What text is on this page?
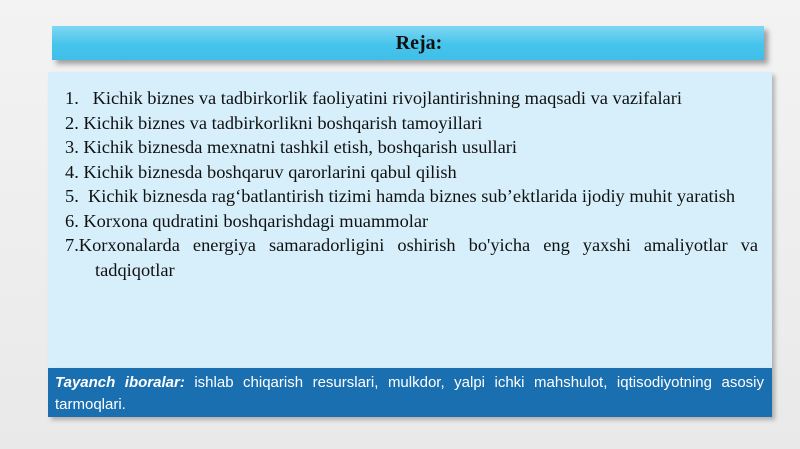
Reja:
1. Kichik biznes va tadbirkorlik faoliyatini rivojlantirishning maqsadi va vazifalari
2. Kichik biznes va tadbirkorlikni boshqarish tamoyillari
3. Kichik biznesda mexnatni tashkil etish, boshqarish usullari
4. Kichik biznesda boshqaruv qarorlarini qabul qilish
5. Kichik biznesda rag‘batlantirish tizimi hamda biznes sub’ektlarida ijodiy muhit yaratish
6. Korxona qudratini boshqarishdagi muammolar
7.Korxonalarda energiya samaradorligini oshirish bo'yicha eng yaxshi amaliyotlar va tadqiqotlar

Tayanch iboralar: ishlab chiqarish resurslari, mulkdor, yalpi ichki mahshulot, iqtisodiyotning asosiy tarmoqlari.
